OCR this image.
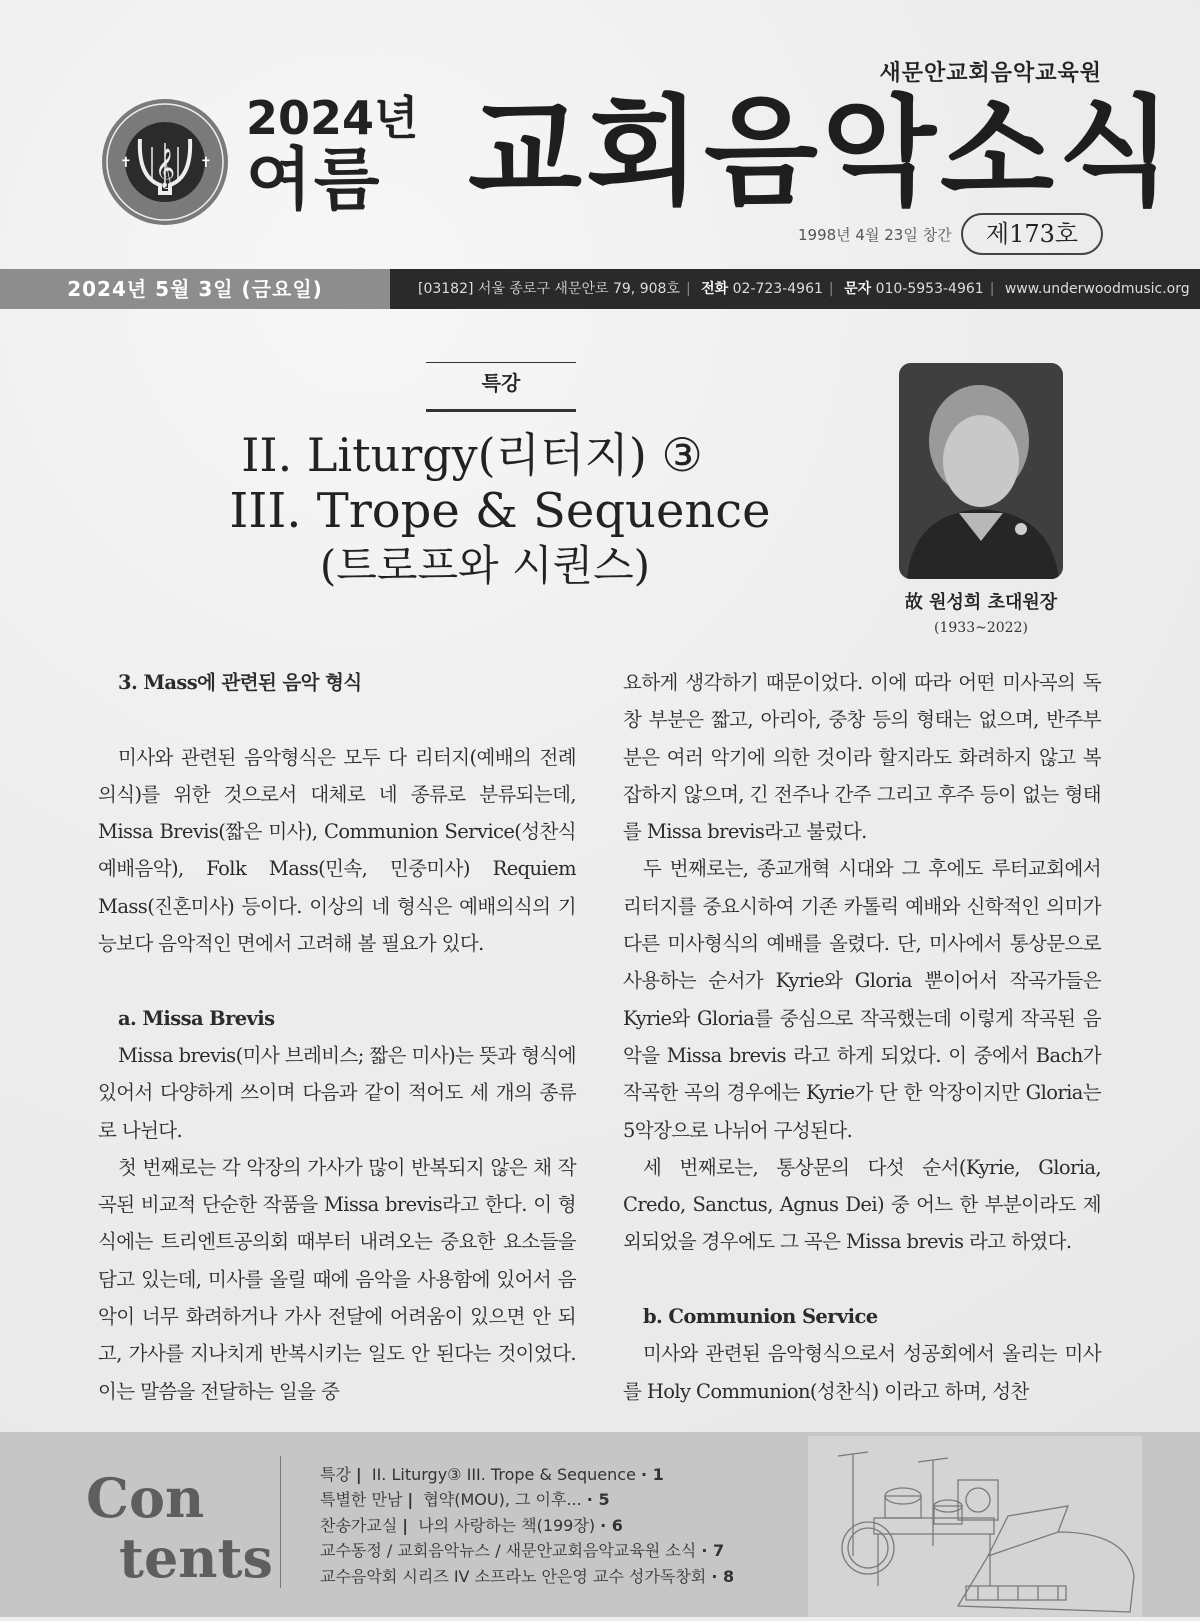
새문안교회음악교육원
𝄞
✝	✝
2024년
여름 교회음악소식
1998년 4월 23일 창간	제173호
2024년 5월 3일 (금요일)	[03182] 서울 종로구 새문안로 79, 908호 | 전화 02-723-4961 | 문자 010-5953-4961 | www.underwoodmusic.org
특강
II. Liturgy(리터지) ③
III. Trope & Sequence
(트로프와 시퀀스)
故 원성희 초대원장
(1933~2022)

3. Mass에 관련된 음악 형식

미사와 관련된 음악형식은 모두 다 리터지(예배의 전례의식)를 위한 것으로서 대체로 네 종류로 분류되는데, Missa Brevis(짧은 미사), Communion Service(성찬식 예배음악), Folk Mass(민속, 민중미사) Requiem Mass(진혼미사) 등이다. 이상의 네 형식은 예배의식의 기능보다 음악적인 면에서 고려해 볼 필요가 있다.

a. Missa Brevis

Missa brevis(미사 브레비스; 짧은 미사)는 뜻과 형식에 있어서 다양하게 쓰이며 다음과 같이 적어도 세 개의 종류로 나뉜다.

첫 번째로는 각 악장의 가사가 많이 반복되지 않은 채 작곡된 비교적 단순한 작품을 Missa brevis라고 한다. 이 형식에는 트리엔트공의회 때부터 내려오는 중요한 요소들을 담고 있는데, 미사를 올릴 때에 음악을 사용함에 있어서 음악이 너무 화려하거나 가사 전달에 어려움이 있으면 안 되고, 가사를 지나치게 반복시키는 일도 안 된다는 것이었다. 이는 말씀을 전달하는 일을 중

요하게 생각하기 때문이었다. 이에 따라 어떤 미사곡의 독창 부분은 짧고, 아리아, 중창 등의 형태는 없으며, 반주부분은 여러 악기에 의한 것이라 할지라도 화려하지 않고 복잡하지 않으며, 긴 전주나 간주 그리고 후주 등이 없는 형태를 Missa brevis라고 불렀다.

두 번째로는, 종교개혁 시대와 그 후에도 루터교회에서 리터지를 중요시하여 기존 카톨릭 예배와 신학적인 의미가 다른 미사형식의 예배를 올렸다. 단, 미사에서 통상문으로 사용하는 순서가 Kyrie와 Gloria 뿐이어서 작곡가들은 Kyrie와 Gloria를 중심으로 작곡했는데 이렇게 작곡된 음악을 Missa brevis 라고 하게 되었다. 이 중에서 Bach가 작곡한 곡의 경우에는 Kyrie가 단 한 악장이지만 Gloria는 5악장으로 나뉘어 구성된다.

세 번째로는, 통상문의 다섯 순서(Kyrie, Gloria, Credo, Sanctus, Agnus Dei) 중 어느 한 부분이라도 제외되었을 경우에도 그 곡은 Missa brevis 라고 하였다.

b. Communion Service

미사와 관련된 음악형식으로서 성공회에서 올리는 미사를 Holy Communion(성찬식) 이라고 하며, 성찬

Con
tents
특강 | II. Liturgy③ III. Trope & Sequence · 1
특별한 만남 | 협약(MOU), 그 이후... · 5
찬송가교실 | 나의 사랑하는 책(199장) · 6
교수동정 / 교회음악뉴스 / 새문안교회음악교육원 소식 · 7
교수음악회 시리즈 IV 소프라노 안은영 교수 성가독창회 · 8
